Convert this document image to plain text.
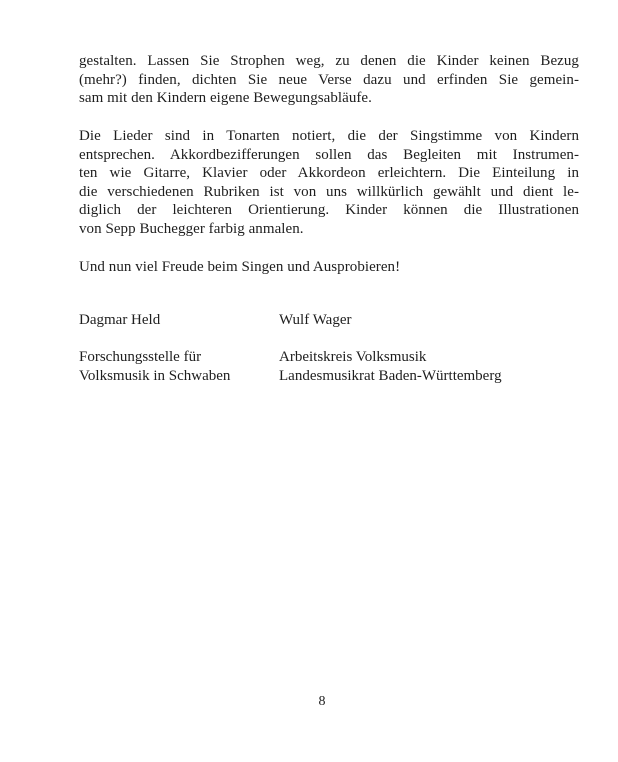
gestalten. Lassen Sie Strophen weg, zu denen die Kinder keinen Bezug
(mehr?) finden, dichten Sie neue Verse dazu und erfinden Sie gemein-
sam mit den Kindern eigene Bewegungsabläufe.
Die Lieder sind in Tonarten notiert, die der Singstimme von Kindern
entsprechen. Akkordbezifferungen sollen das Begleiten mit Instrumen-
ten wie Gitarre, Klavier oder Akkordeon erleichtern. Die Einteilung in
die verschiedenen Rubriken ist von uns willkürlich gewählt und dient le-
diglich der leichteren Orientierung. Kinder können die Illustrationen
von Sepp Buchegger farbig anmalen.
Und nun viel Freude beim Singen und Ausprobieren!
Dagmar Held	Wulf Wager
Forschungsstelle für
Volksmusik in Schwaben
Arbeitskreis Volksmusik
Landesmusikrat Baden-Württemberg
8
